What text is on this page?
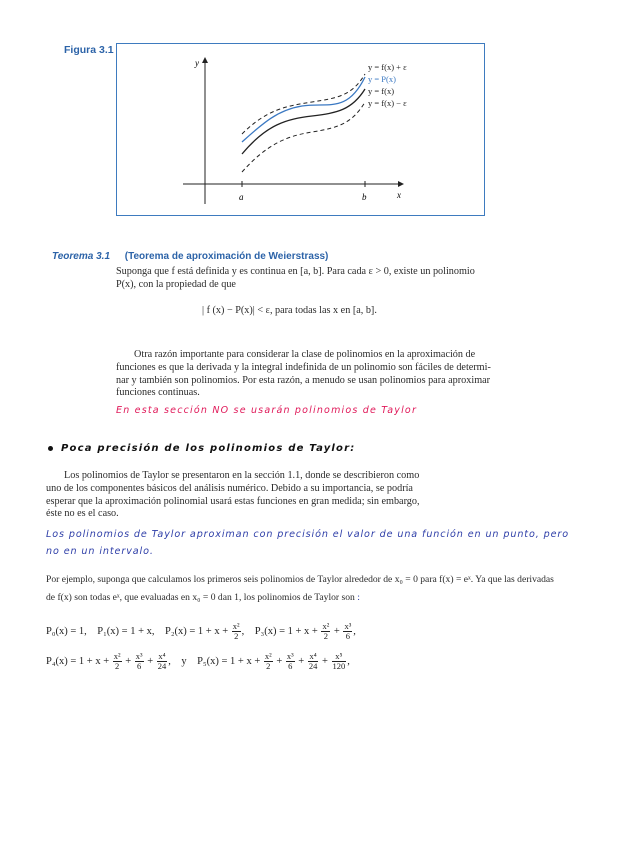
Figura 3.1
y
x
a	b
y = f(x) + ε
y = P(x)
y = f(x)
y = f(x) − ε
Teorema 3.1 (Teorema de aproximación de Weierstrass)
Suponga que f está definida y es continua en [a, b]. Para cada ε > 0, existe un polinomio
P(x), con la propiedad de que
| f (x) − P(x)| < ε, para todas las x en [a, b].
Otra razón importante para considerar la clase de polinomios en la aproximación de
funciones es que la derivada y la integral indefinida de un polinomio son fáciles de determi-
nar y también son polinomios. Por esta razón, a menudo se usan polinomios para aproximar
funciones continuas.
En esta sección NO se usarán polinomios de Taylor
Poca precisión de los polinomios de Taylor:
Los polinomios de Taylor se presentaron en la sección 1.1, donde se describieron como
uno de los componentes básicos del análisis numérico. Debido a su importancia, se podría
esperar que la aproximación polinomial usará estas funciones en gran medida; sin embargo,
éste no es el caso.
Los polinomios de Taylor aproximan con precisión el valor de una función en un punto, pero
no en un intervalo.
Por ejemplo, suponga que calculamos los primeros seis polinomios de Taylor alrededor de x₀ = 0 para f(x) = eˣ. Ya que las derivadas
de f(x) son todas eˣ, que evaluadas en x₀ = 0 dan 1, los polinomios de Taylor son :
P₀(x) = 1, P₁(x) = 1 + x, $P_2(x) = 1 + x + \frac{\text{x²}}{2}$ , $P_3(x) = 1 + x + \frac{\text{x²}}{2} + \frac{\text{x³}}{6}$ ,
$P_4(x) = 1 + x + \frac{\text{x²}}{2} + \frac{\text{x³}}{6} + \frac{\text{x⁴}}{24}$ , y $P_5(x) = 1 + x + \frac{\text{x²}}{2} + \frac{\text{x³}}{6} + \frac{\text{x⁴}}{24} + \frac{\text{x⁵}}{120}$ ,
